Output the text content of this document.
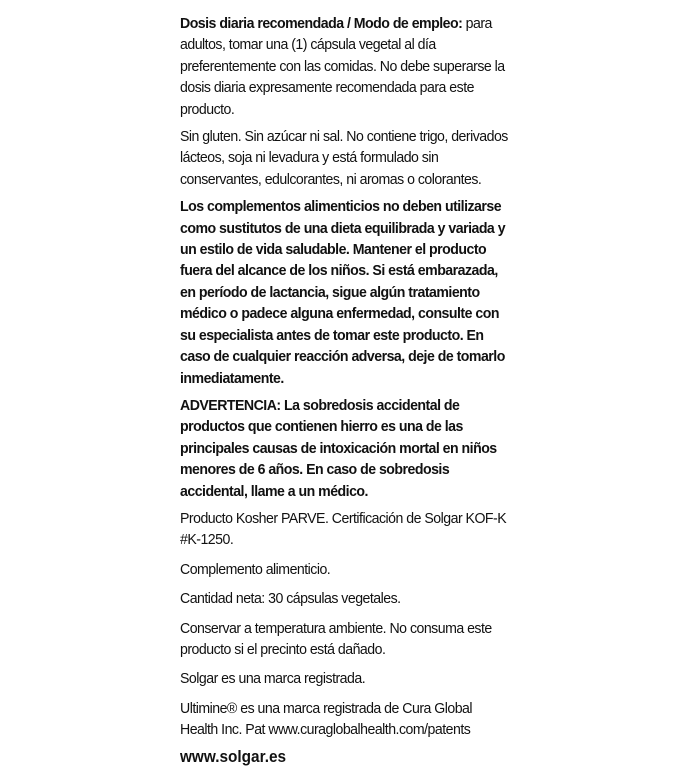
Dosis diaria recomendada / Modo de empleo: para adultos, tomar una (1) cápsula vegetal al día preferentemente con las comidas. No debe superarse la dosis diaria expresamente recomendada para este producto.

Sin gluten. Sin azúcar ni sal. No contiene trigo, derivados lácteos, soja ni levadura y está formulado sin conservantes, edulcorantes, ni aromas o colorantes.

Los complementos alimenticios no deben utilizarse como sustitutos de una dieta equilibrada y variada y un estilo de vida saludable. Mantener el producto fuera del alcance de los niños. Si está embarazada, en período de lactancia, sigue algún tratamiento médico o padece alguna enfermedad, consulte con su especialista antes de tomar este producto. En caso de cualquier reacción adversa, deje de tomarlo inmediatamente.

ADVERTENCIA: La sobredosis accidental de productos que contienen hierro es una de las principales causas de intoxicación mortal en niños menores de 6 años. En caso de sobredosis accidental, llame a un médico.

Producto Kosher PARVE. Certificación de Solgar KOF-K #K-1250.

Complemento alimenticio.

Cantidad neta: 30 cápsulas vegetales.

Conservar a temperatura ambiente. No consuma este producto si el precinto está dañado.

Solgar es una marca registrada.

Ultimine® es una marca registrada de Cura Global Health Inc. Pat www.curaglobalhealth.com/patents

www.solgar.es
